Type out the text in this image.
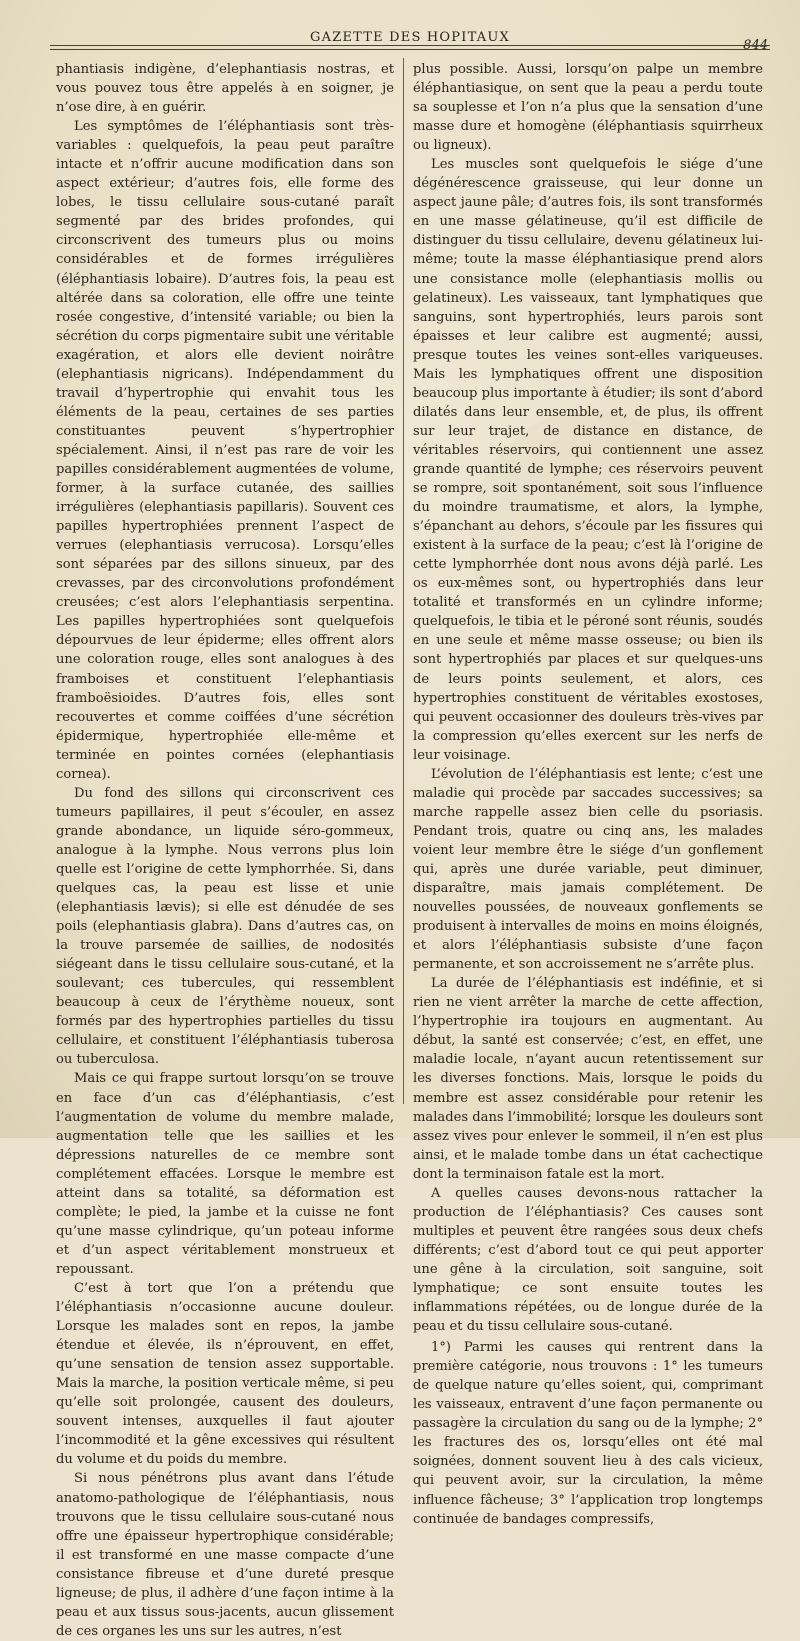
GAZETTE DES HOPITAUX
844

phantiasis indigène, d’elephantiasis nostras, et vous pouvez tous être appelés à en soigner, je n’ose dire, à en guérir.

Les symptômes de l’éléphantiasis sont très-variables : quelquefois, la peau peut paraître intacte et n’offrir aucune modification dans son aspect extérieur; d’autres fois, elle forme des lobes, le tissu cellulaire sous-cutané paraît segmenté par des brides profondes, qui circonscrivent des tumeurs plus ou moins considérables et de formes irrégulières (éléphantiasis lobaire). D’autres fois, la peau est altérée dans sa coloration, elle offre une teinte rosée congestive, d’intensité variable; ou bien la sécrétion du corps pigmentaire subit une véritable exagération, et alors elle devient noirâtre (elephantiasis nigricans). Indépendamment du travail d’hypertrophie qui envahit tous les éléments de la peau, certaines de ses parties constituantes peuvent s’hypertrophier spécialement. Ainsi, il n’est pas rare de voir les papilles considérablement augmentées de volume, former, à la surface cutanée, des saillies irrégulières (elephantiasis papillaris). Souvent ces papilles hypertrophiées prennent l’aspect de verrues (elephantiasis verrucosa). Lorsqu’elles sont séparées par des sillons sinueux, par des crevasses, par des circonvolutions profondément creusées; c’est alors l’elephantiasis serpentina. Les papilles hypertrophiées sont quelquefois dépourvues de leur épiderme; elles offrent alors une coloration rouge, elles sont analogues à des framboises et constituent l’elephantiasis framboësioides. D’autres fois, elles sont recouvertes et comme coiffées d’une sécrétion épidermique, hypertrophiée elle-même et terminée en pointes cornées (elephantiasis cornea).

Du fond des sillons qui circonscrivent ces tumeurs papillaires, il peut s’écouler, en assez grande abondance, un liquide séro-gommeux, analogue à la lymphe. Nous verrons plus loin quelle est l’origine de cette lymphorrhée. Si, dans quelques cas, la peau est lisse et unie (elephantiasis lævis); si elle est dénudée de ses poils (elephantiasis glabra). Dans d’autres cas, on la trouve parsemée de saillies, de nodosités siégeant dans le tissu cellulaire sous-cutané, et la soulevant; ces tubercules, qui ressemblent beaucoup à ceux de l’érythème noueux, sont formés par des hypertrophies partielles du tissu cellulaire, et constituent l’éléphantiasis tuberosa ou tuberculosa.

Mais ce qui frappe surtout lorsqu’on se trouve en face d’un cas d’éléphantiasis, c’est l’augmentation de volume du membre malade, augmentation telle que les saillies et les dépressions naturelles de ce membre sont complétement effacées. Lorsque le membre est atteint dans sa totalité, sa déformation est complète; le pied, la jambe et la cuisse ne font qu’une masse cylindrique, qu’un poteau informe et d’un aspect véritablement monstrueux et repoussant.

C’est à tort que l’on a prétendu que l’éléphantiasis n’occasionne aucune douleur. Lorsque les malades sont en repos, la jambe étendue et élevée, ils n’éprouvent, en effet, qu’une sensation de tension assez supportable. Mais la marche, la position verticale même, si peu qu’elle soit prolongée, causent des douleurs, souvent intenses, auxquelles il faut ajouter l’incommodité et la gêne excessives qui résultent du volume et du poids du membre.

Si nous pénétrons plus avant dans l’étude anatomo-pathologique de l’éléphantiasis, nous trouvons que le tissu cellulaire sous-cutané nous offre une épaisseur hypertrophique considérable; il est transformé en une masse compacte d’une consistance fibreuse et d’une dureté presque ligneuse; de plus, il adhère d’une façon intime à la peau et aux tissus sous-jacents, aucun glissement de ces organes les uns sur les autres, n’est

plus possible. Aussi, lorsqu’on palpe un membre éléphantiasique, on sent que la peau a perdu toute sa souplesse et l’on n’a plus que la sensation d’une masse dure et homogène (éléphantiasis squirrheux ou ligneux).

Les muscles sont quelquefois le siége d’une dégénérescence graisseuse, qui leur donne un aspect jaune pâle; d’autres fois, ils sont transformés en une masse gélatineuse, qu’il est difficile de distinguer du tissu cellulaire, devenu gélatineux lui-même; toute la masse éléphantiasique prend alors une consistance molle (elephantiasis mollis ou gelatineux). Les vaisseaux, tant lymphatiques que sanguins, sont hypertrophiés, leurs parois sont épaisses et leur calibre est augmenté; aussi, presque toutes les veines sont-elles variqueuses. Mais les lymphatiques offrent une disposition beaucoup plus importante à étudier; ils sont d’abord dilatés dans leur ensemble, et, de plus, ils offrent sur leur trajet, de distance en distance, de véritables réservoirs, qui contiennent une assez grande quantité de lymphe; ces réservoirs peuvent se rompre, soit spontanément, soit sous l’influence du moindre traumatisme, et alors, la lymphe, s’épanchant au dehors, s’écoule par les fissures qui existent à la surface de la peau; c’est là l’origine de cette lymphorrhée dont nous avons déjà parlé. Les os eux-mêmes sont, ou hypertrophiés dans leur totalité et transformés en un cylindre informe; quelquefois, le tibia et le péroné sont réunis, soudés en une seule et même masse osseuse; ou bien ils sont hypertrophiés par places et sur quelques-uns de leurs points seulement, et alors, ces hypertrophies constituent de véritables exostoses, qui peuvent occasionner des douleurs très-vives par la compression qu’elles exercent sur les nerfs de leur voisinage.

L’évolution de l’éléphantiasis est lente; c’est une maladie qui procède par saccades successives; sa marche rappelle assez bien celle du psoriasis. Pendant trois, quatre ou cinq ans, les malades voient leur membre être le siége d’un gonflement qui, après une durée variable, peut diminuer, disparaître, mais jamais complétement. De nouvelles poussées, de nouveaux gonflements se produisent à intervalles de moins en moins éloignés, et alors l’éléphantiasis subsiste d’une façon permanente, et son accroissement ne s’arrête plus.

La durée de l’éléphantiasis est indéfinie, et si rien ne vient arrêter la marche de cette affection, l’hypertrophie ira toujours en augmentant. Au début, la santé est conservée; c’est, en effet, une maladie locale, n’ayant aucun retentissement sur les diverses fonctions. Mais, lorsque le poids du membre est assez considérable pour retenir les malades dans l’immobilité; lorsque les douleurs sont assez vives pour enlever le sommeil, il n’en est plus ainsi, et le malade tombe dans un état cachectique dont la terminaison fatale est la mort.

A quelles causes devons-nous rattacher la production de l’éléphantiasis? Ces causes sont multiples et peuvent être rangées sous deux chefs différents; c’est d’abord tout ce qui peut apporter une gêne à la circulation, soit sanguine, soit lymphatique; ce sont ensuite toutes les inflammations répétées, ou de longue durée de la peau et du tissu cellulaire sous-cutané.

1°) Parmi les causes qui rentrent dans la première catégorie, nous trouvons : 1° les tumeurs de quelque nature qu’elles soient, qui, comprimant les vaisseaux, entravent d’une façon permanente ou passagère la circulation du sang ou de la lymphe; 2° les fractures des os, lorsqu’elles ont été mal soignées, donnent souvent lieu à des cals vicieux, qui peuvent avoir, sur la circulation, la même influence fâcheuse; 3° l’application trop longtemps continuée de bandages compressifs,
